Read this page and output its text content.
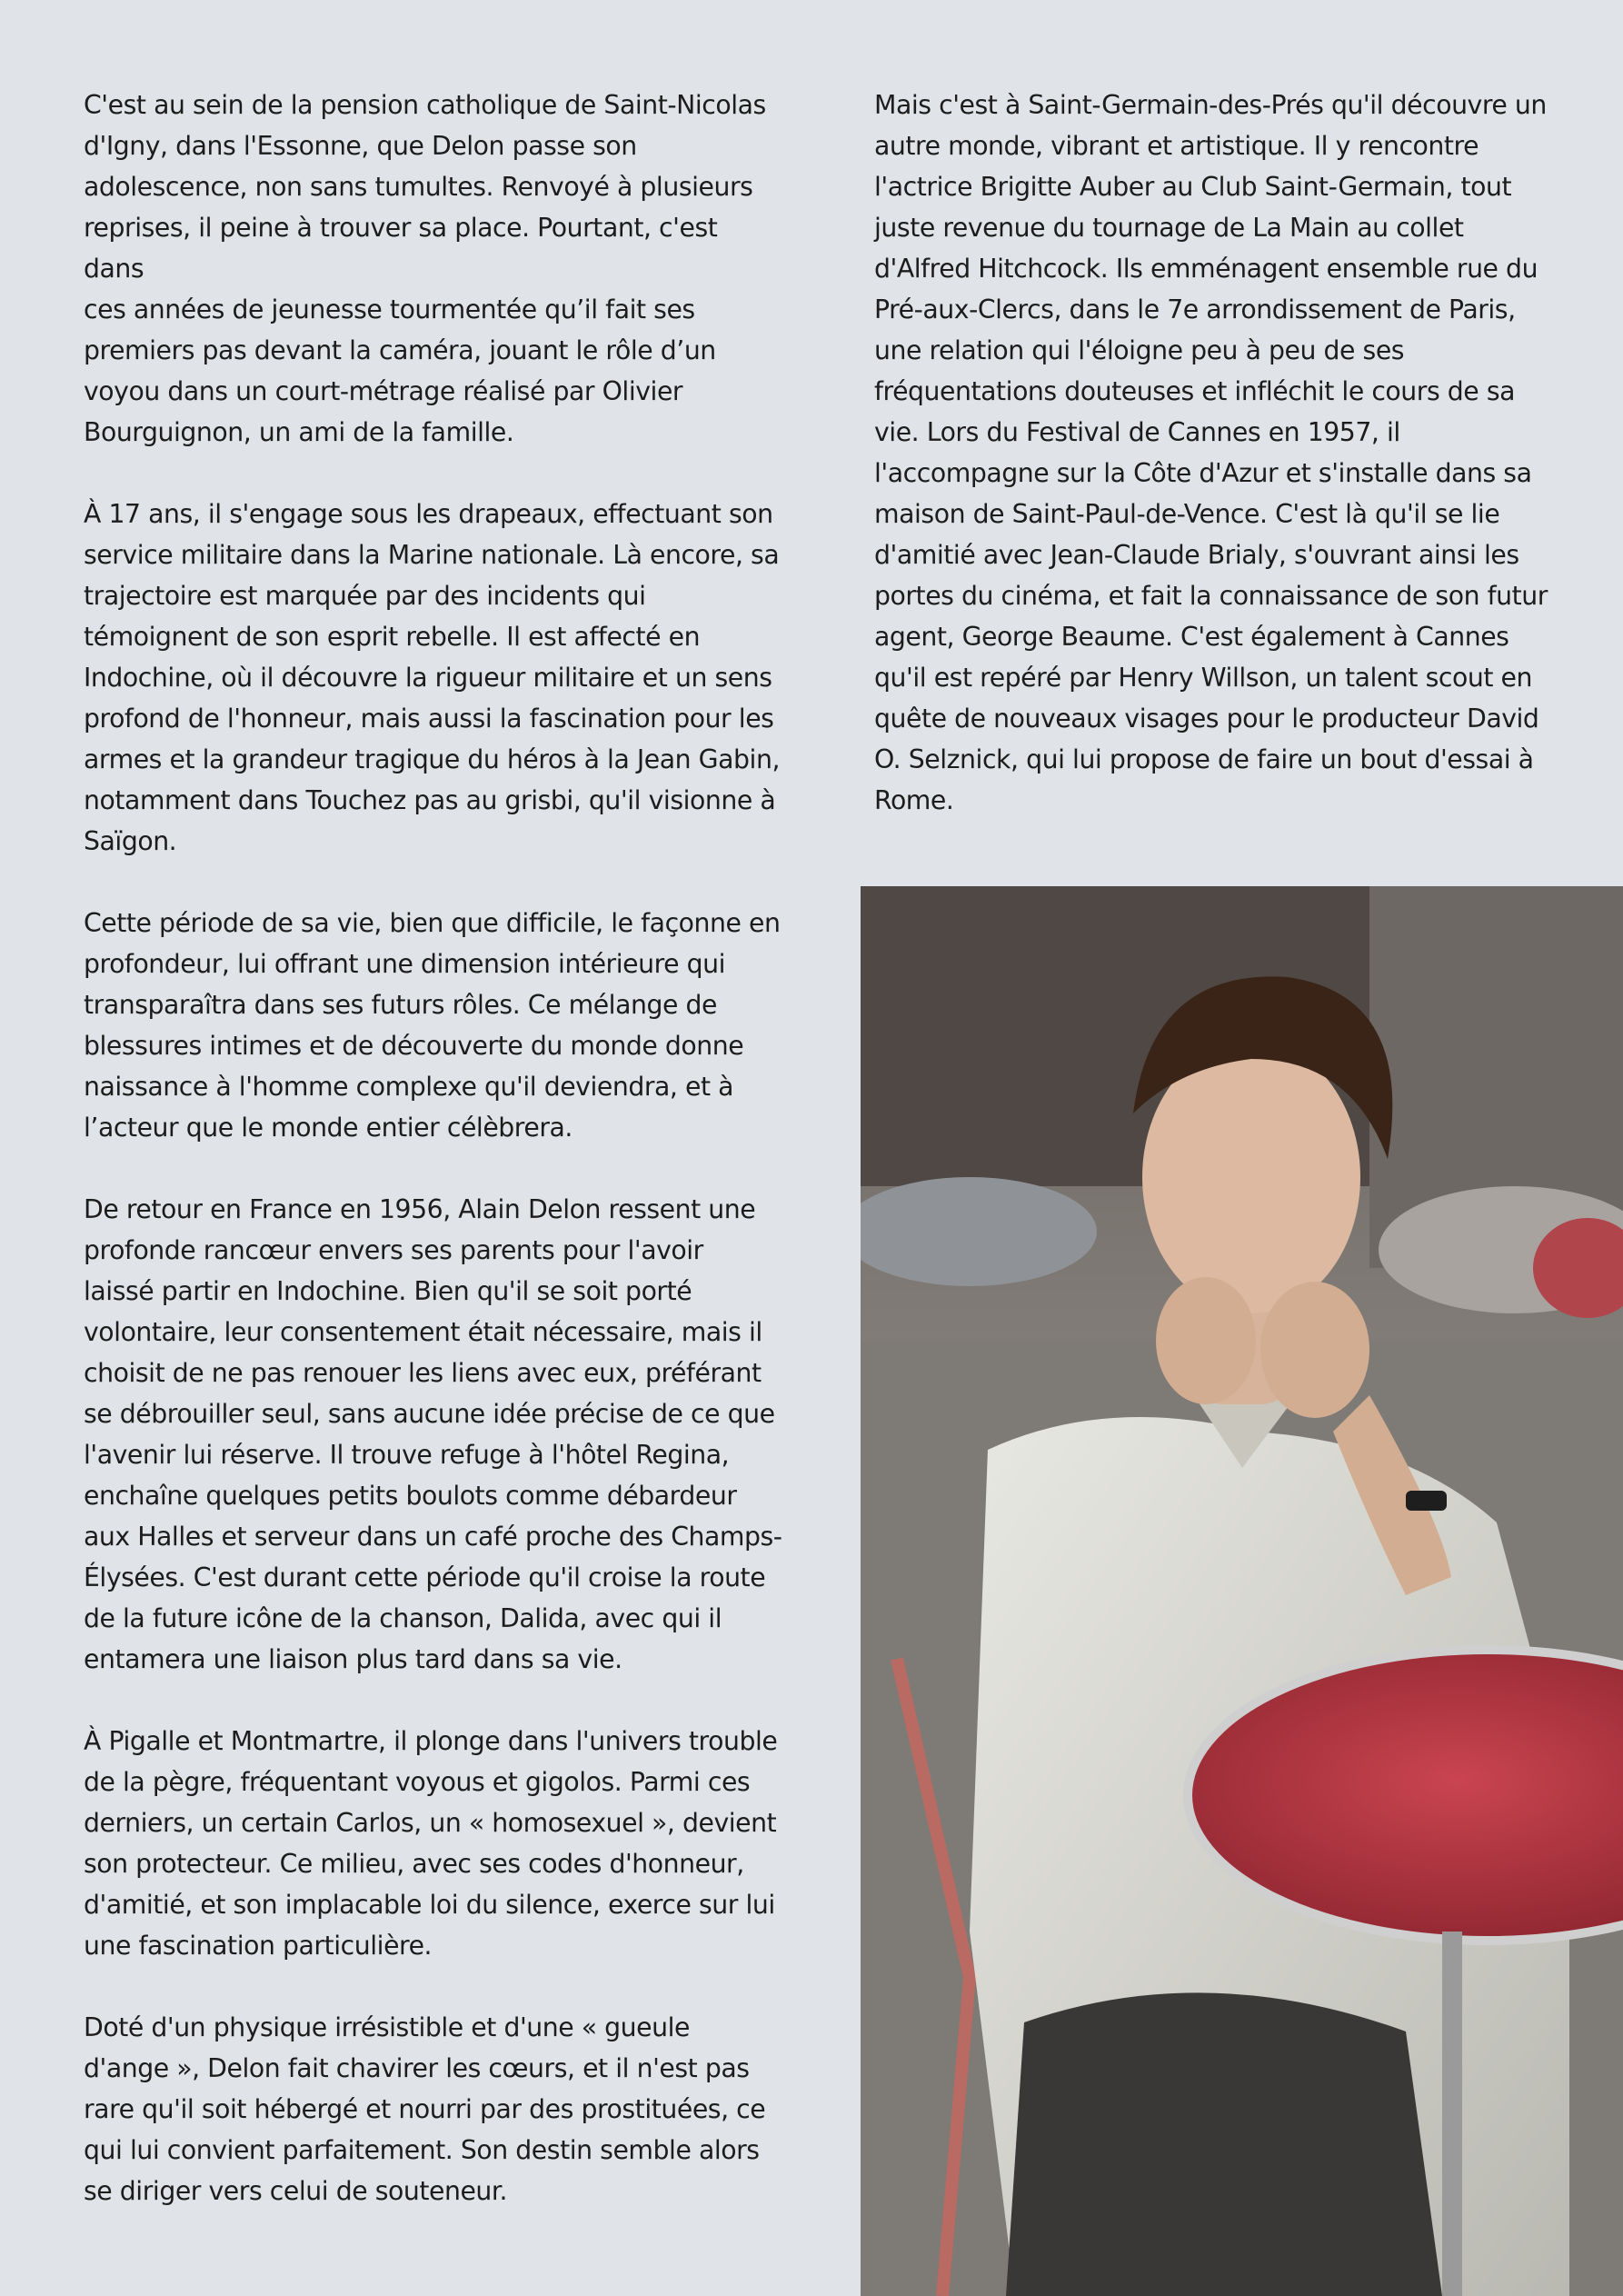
C'est au sein de la pension catholique de Saint-Nicolas
d'Igny, dans l'Essonne, que Delon passe son
adolescence, non sans tumultes. Renvoyé à plusieurs
reprises, il peine à trouver sa place. Pourtant, c'est dans
ces années de jeunesse tourmentée qu’il fait ses
premiers pas devant la caméra, jouant le rôle d’un
voyou dans un court-métrage réalisé par Olivier
Bourguignon, un ami de la famille.

À 17 ans, il s'engage sous les drapeaux, effectuant son
service militaire dans la Marine nationale. Là encore, sa
trajectoire est marquée par des incidents qui
témoignent de son esprit rebelle. Il est affecté en
Indochine, où il découvre la rigueur militaire et un sens
profond de l'honneur, mais aussi la fascination pour les
armes et la grandeur tragique du héros à la Jean Gabin,
notamment dans Touchez pas au grisbi, qu'il visionne à
Saïgon.

Cette période de sa vie, bien que difficile, le façonne en
profondeur, lui offrant une dimension intérieure qui
transparaîtra dans ses futurs rôles. Ce mélange de
blessures intimes et de découverte du monde donne
naissance à l'homme complexe qu'il deviendra, et à
l’acteur que le monde entier célèbrera.

De retour en France en 1956, Alain Delon ressent une
profonde rancœur envers ses parents pour l'avoir
laissé partir en Indochine. Bien qu'il se soit porté
volontaire, leur consentement était nécessaire, mais il
choisit de ne pas renouer les liens avec eux, préférant
se débrouiller seul, sans aucune idée précise de ce que
l'avenir lui réserve. Il trouve refuge à l'hôtel Regina,
enchaîne quelques petits boulots comme débardeur
aux Halles et serveur dans un café proche des Champs-
Élysées. C'est durant cette période qu'il croise la route
de la future icône de la chanson, Dalida, avec qui il
entamera une liaison plus tard dans sa vie.

À Pigalle et Montmartre, il plonge dans l'univers trouble
de la pègre, fréquentant voyous et gigolos. Parmi ces
derniers, un certain Carlos, un « homosexuel », devient
son protecteur. Ce milieu, avec ses codes d'honneur,
d'amitié, et son implacable loi du silence, exerce sur lui
une fascination particulière.

Doté d'un physique irrésistible et d'une « gueule
d'ange », Delon fait chavirer les cœurs, et il n'est pas
rare qu'il soit hébergé et nourri par des prostituées, ce
qui lui convient parfaitement. Son destin semble alors
se diriger vers celui de souteneur.

Mais c'est à Saint-Germain-des-Prés qu'il découvre un
autre monde, vibrant et artistique. Il y rencontre
l'actrice Brigitte Auber au Club Saint-Germain, tout
juste revenue du tournage de La Main au collet
d'Alfred Hitchcock. Ils emménagent ensemble rue du
Pré-aux-Clercs, dans le 7e arrondissement de Paris,
une relation qui l'éloigne peu à peu de ses
fréquentations douteuses et infléchit le cours de sa
vie. Lors du Festival de Cannes en 1957, il
l'accompagne sur la Côte d'Azur et s'installe dans sa
maison de Saint-Paul-de-Vence. C'est là qu'il se lie
d'amitié avec Jean-Claude Brialy, s'ouvrant ainsi les
portes du cinéma, et fait la connaissance de son futur
agent, George Beaume. C'est également à Cannes
qu'il est repéré par Henry Willson, un talent scout en
quête de nouveaux visages pour le producteur David
O. Selznick, qui lui propose de faire un bout d'essai à
Rome.
